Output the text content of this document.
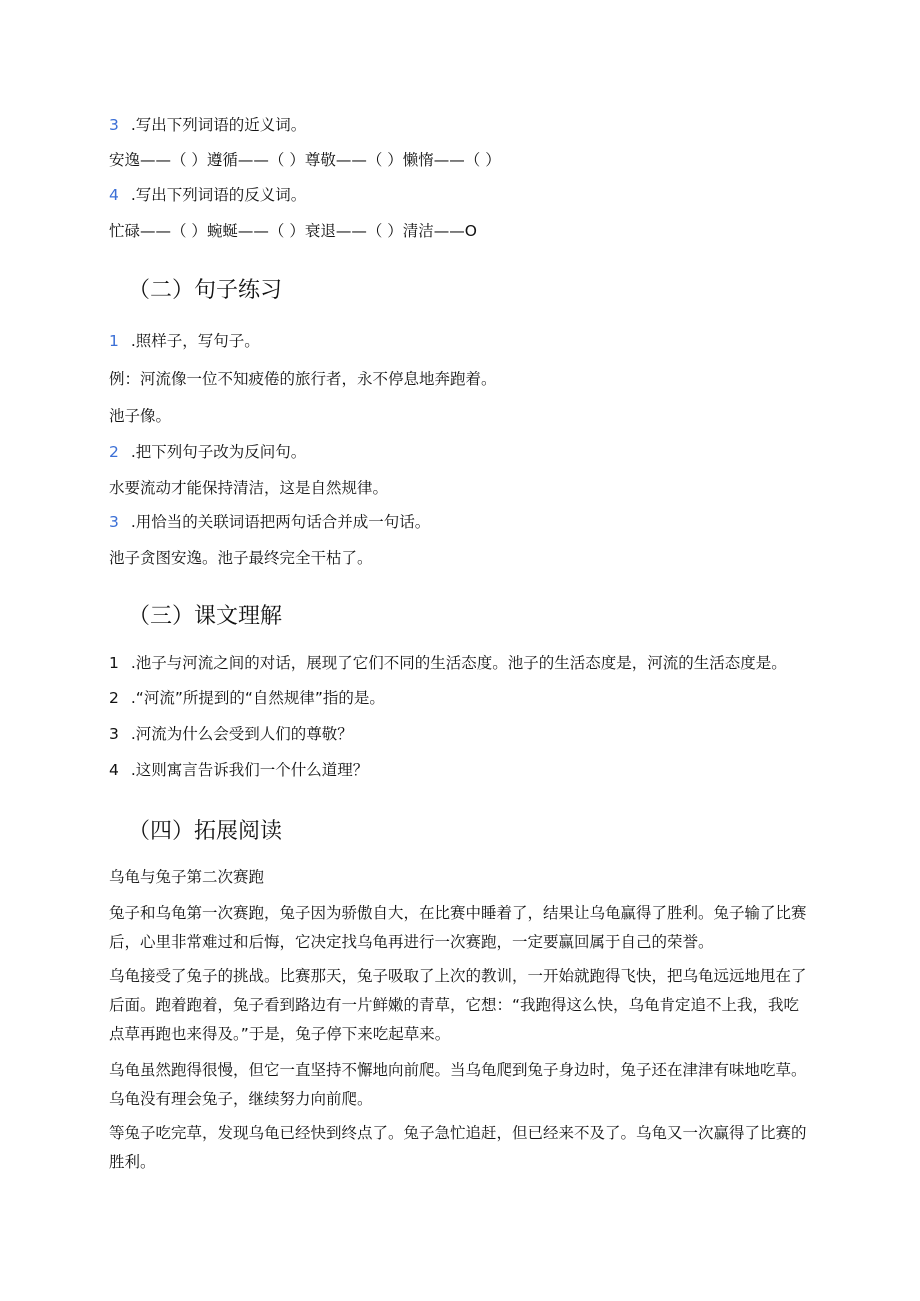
3 .写出下列词语的近义词。
安逸——（ ）遵循——（ ）尊敬——（ ）懒惰——（ ）
4 .写出下列词语的反义词。
忙碌——（ ）蜿蜒——（ ）衰退——（ ）清洁——O
（二）句子练习
1 .照样子，写句子。
例：河流像一位不知疲倦的旅行者，永不停息地奔跑着。
池子像。
2 .把下列句子改为反问句。
水要流动才能保持清洁，这是自然规律。
3 .用恰当的关联词语把两句话合并成一句话。
池子贪图安逸。池子最终完全干枯了。
（三）课文理解
1 .池子与河流之间的对话，展现了它们不同的生活态度。池子的生活态度是，河流的生活态度是。
2 .“河流”所提到的“自然规律”指的是。
3 .河流为什么会受到人们的尊敬？
4 .这则寓言告诉我们一个什么道理？
（四）拓展阅读
乌龟与兔子第二次赛跑
兔子和乌龟第一次赛跑，兔子因为骄傲自大，在比赛中睡着了，结果让乌龟赢得了胜利。兔子输了比赛后，心里非常难过和后悔，它决定找乌龟再进行一次赛跑，一定要赢回属于自己的荣誉。
乌龟接受了兔子的挑战。比赛那天，兔子吸取了上次的教训，一开始就跑得飞快，把乌龟远远地甩在了后面。跑着跑着，兔子看到路边有一片鲜嫩的青草，它想：“我跑得这么快，乌龟肯定追不上我，我吃点草再跑也来得及。”于是，兔子停下来吃起草来。
乌龟虽然跑得很慢，但它一直坚持不懈地向前爬。当乌龟爬到兔子身边时，兔子还在津津有味地吃草。乌龟没有理会兔子，继续努力向前爬。
等兔子吃完草，发现乌龟已经快到终点了。兔子急忙追赶，但已经来不及了。乌龟又一次赢得了比赛的胜利。
